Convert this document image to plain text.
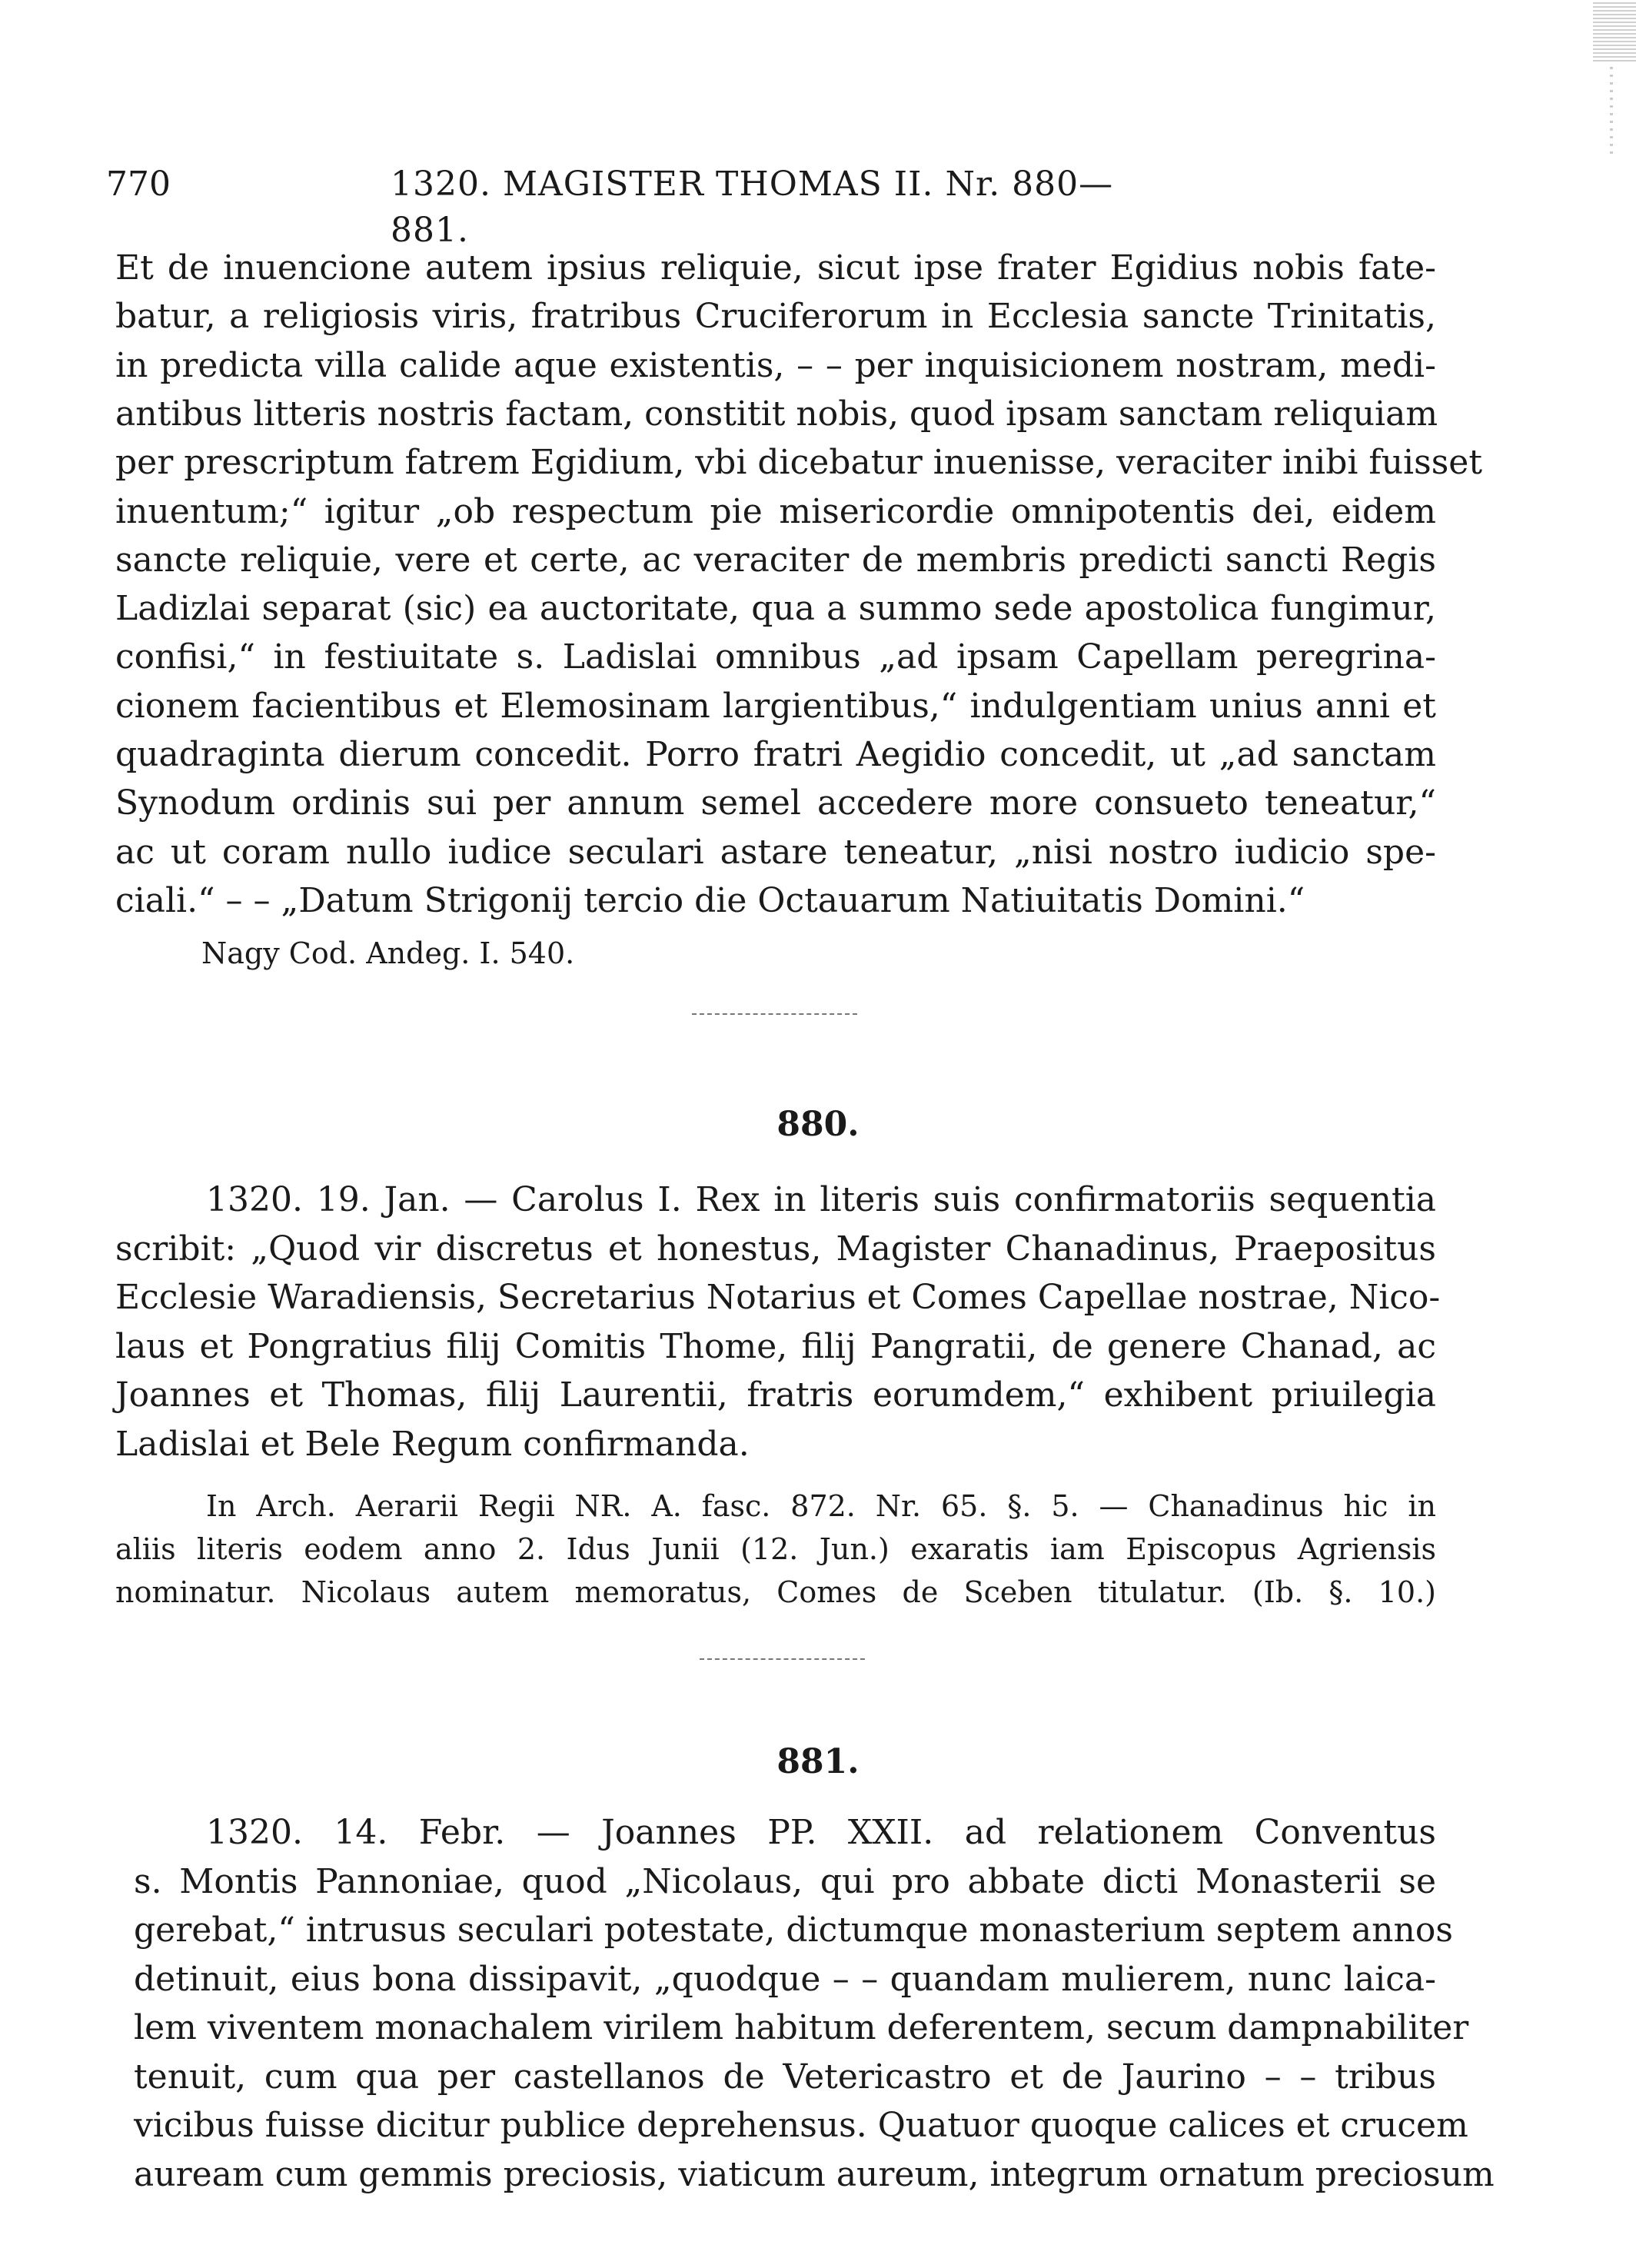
770	1320. MAGISTER THOMAS II. Nr. 880—881.
Et de inuencione autem ipsius reliquie, sicut ipse frater Egidius nobis fate-
batur, a religiosis viris, fratribus Cruciferorum in Ecclesia sancte Trinitatis,
in predicta villa calide aque existentis, – – per inquisicionem nostram, medi-
antibus litteris nostris factam, constitit nobis, quod ipsam sanctam reliquiam
per prescriptum fatrem Egidium, vbi dicebatur inuenisse, veraciter inibi fuisset
inuentum;“ igitur „ob respectum pie misericordie omnipotentis dei, eidem
sancte reliquie, vere et certe, ac veraciter de membris predicti sancti Regis
Ladizlai separat (sic) ea auctoritate, qua a summo sede apostolica fungimur,
confisi,“ in festiuitate s. Ladislai omnibus „ad ipsam Capellam peregrina-
cionem facientibus et Elemosinam largientibus,“ indulgentiam unius anni et
quadraginta dierum concedit. Porro fratri Aegidio concedit, ut „ad sanctam
Synodum ordinis sui per annum semel accedere more consueto teneatur,“
ac ut coram nullo iudice seculari astare teneatur, „nisi nostro iudicio spe-
ciali.“ – – „Datum Strigonij tercio die Octauarum Natiuitatis Domini.“
Nagy Cod. Andeg. I. 540.
880.
1320. 19. Jan. — Carolus I. Rex in literis suis confirmatoriis sequentia
scribit: „Quod vir discretus et honestus, Magister Chanadinus, Praepositus
Ecclesie Waradiensis, Secretarius Notarius et Comes Capellae nostrae, Nico-
laus et Pongratius filij Comitis Thome, filij Pangratii, de genere Chanad, ac
Joannes et Thomas, filij Laurentii, fratris eorumdem,“ exhibent priuilegia
Ladislai et Bele Regum confirmanda.
In Arch. Aerarii Regii NR. A. fasc. 872. Nr. 65. §. 5. — Chanadinus hic in
aliis literis eodem anno 2. Idus Junii (12. Jun.) exaratis iam Episcopus Agriensis
nominatur. Nicolaus autem memoratus, Comes de Sceben titulatur. (Ib. §. 10.)
881.
1320. 14. Febr. — Joannes PP. XXII. ad relationem Conventus
s. Montis Pannoniae, quod „Nicolaus, qui pro abbate dicti Monasterii se
gerebat,“ intrusus seculari potestate, dictumque monasterium septem annos
detinuit, eius bona dissipavit, „quodque – – quandam mulierem, nunc laica-
lem viventem monachalem virilem habitum deferentem, secum dampnabiliter
tenuit, cum qua per castellanos de Vetericastro et de Jaurino – – tribus
vicibus fuisse dicitur publice deprehensus. Quatuor quoque calices et crucem
auream cum gemmis preciosis, viaticum aureum, integrum ornatum preciosum
